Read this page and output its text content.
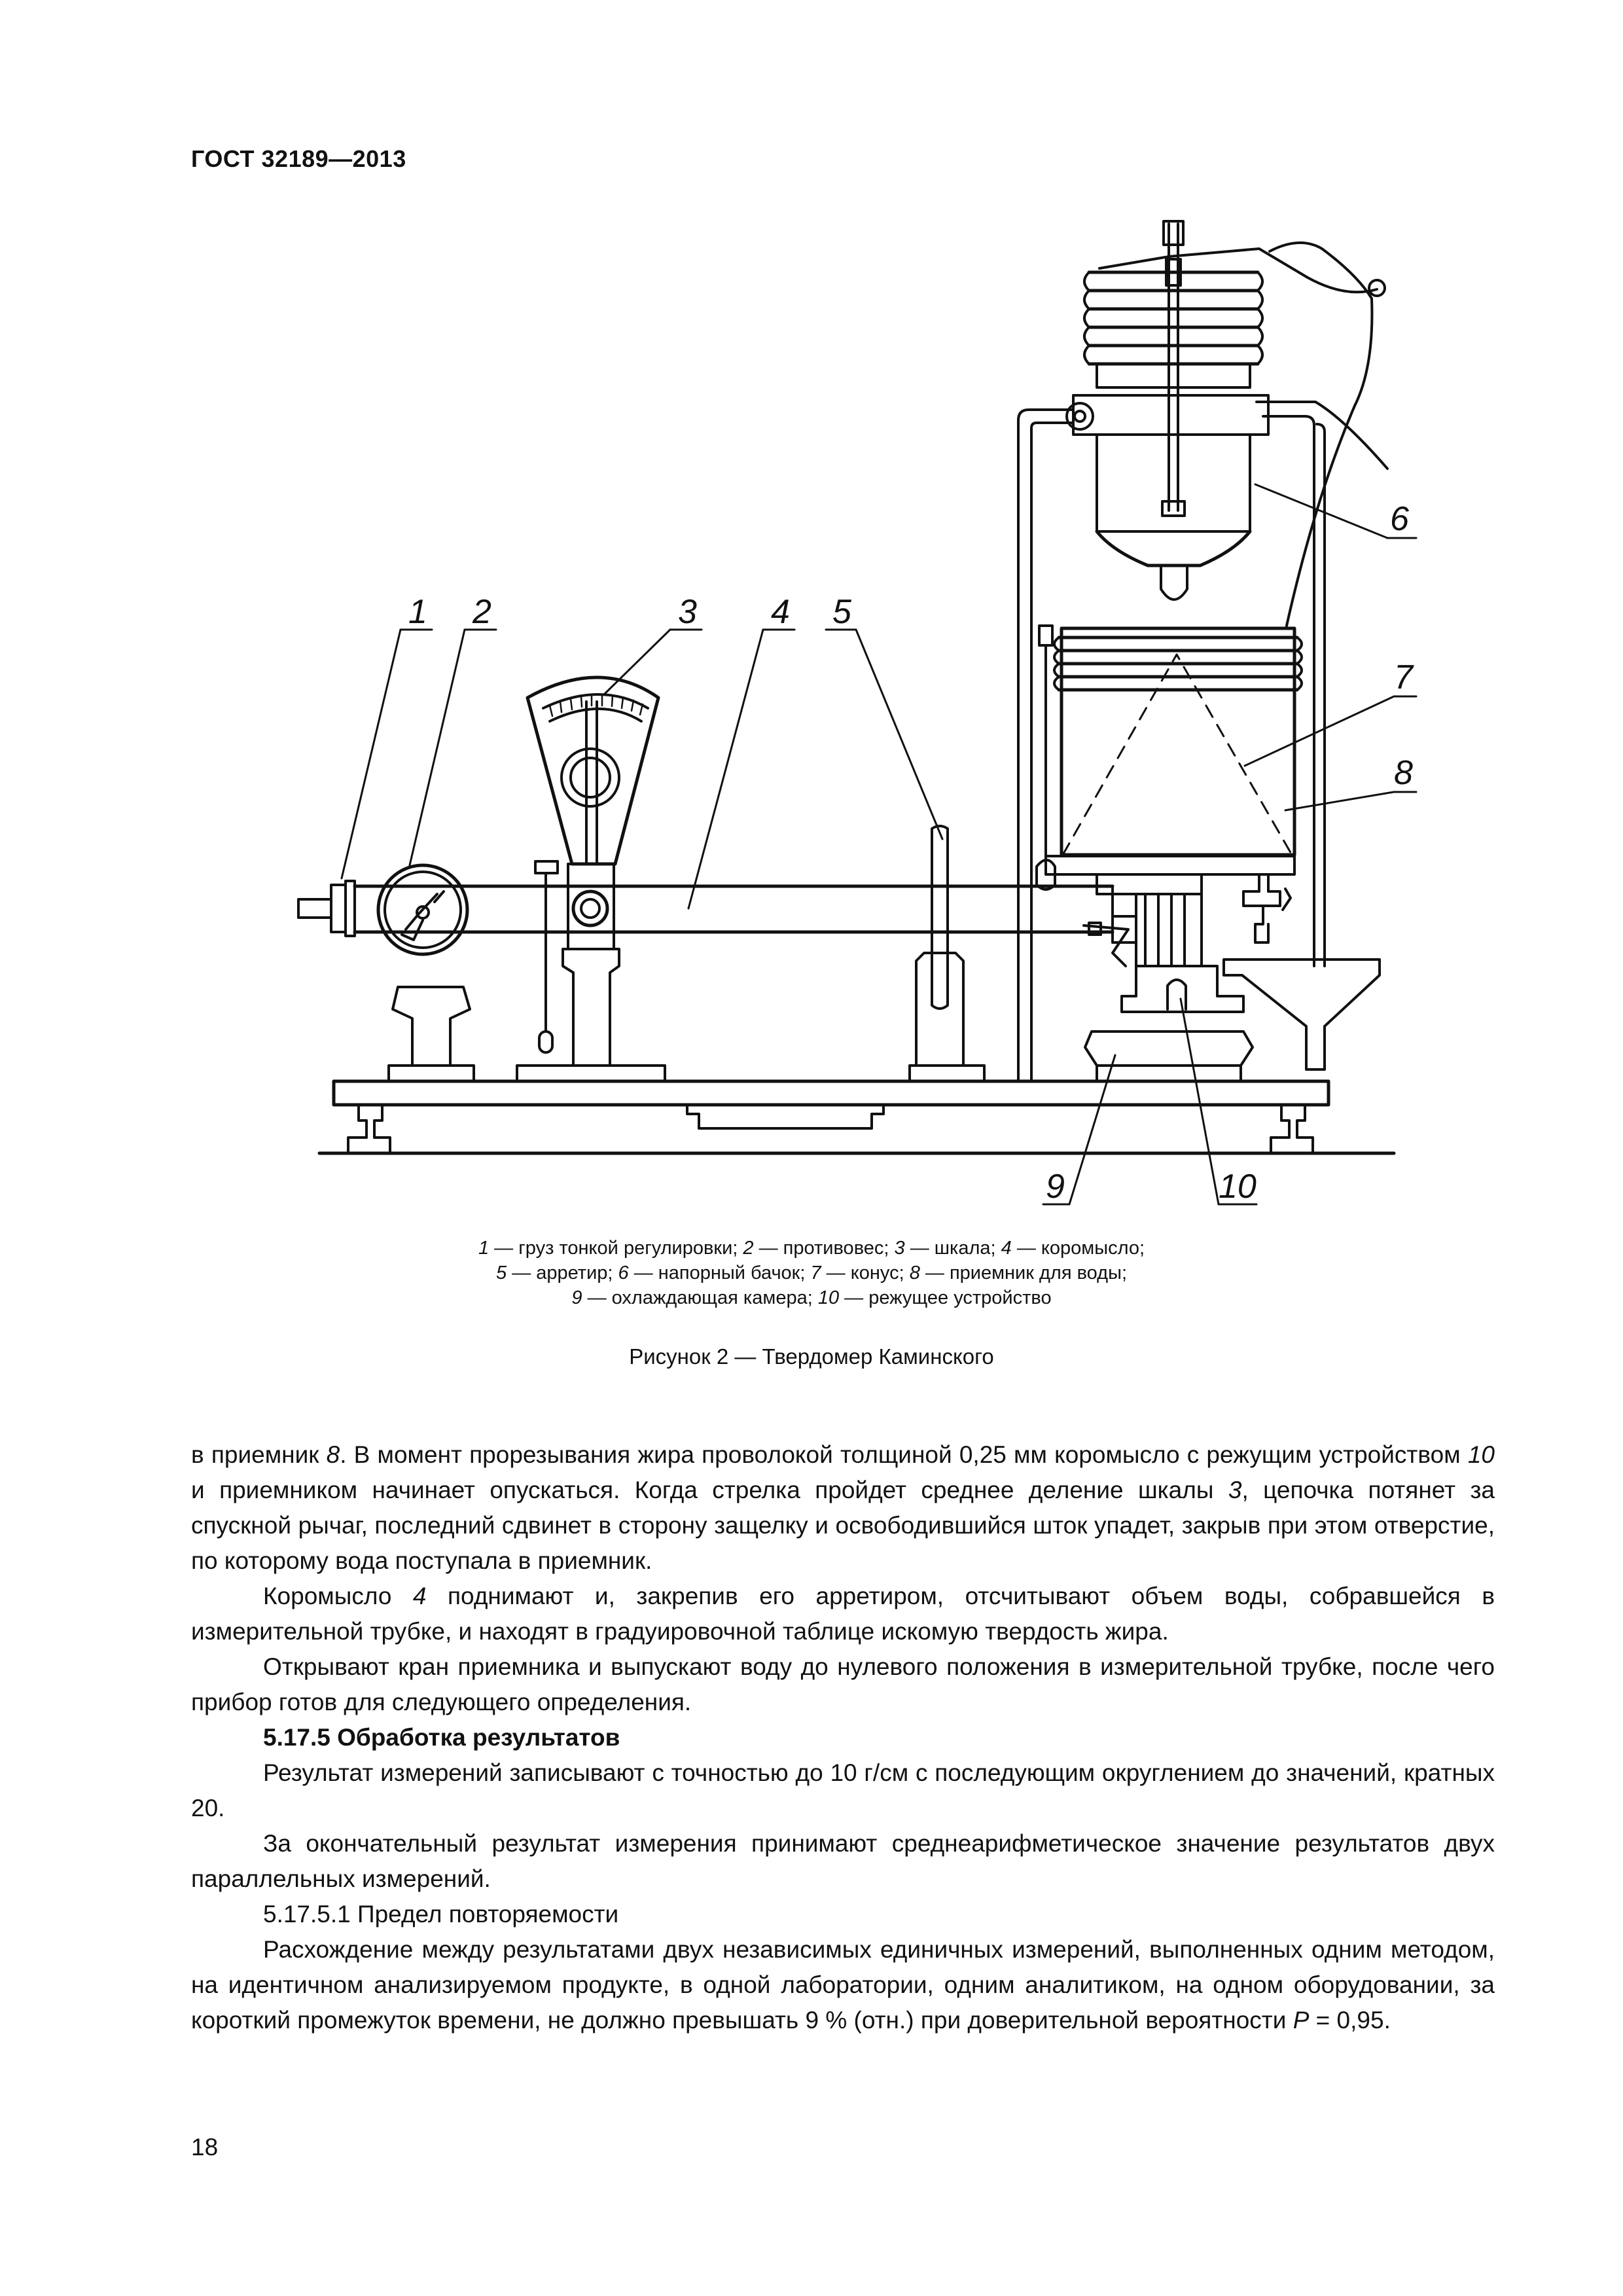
ГОСТ 32189—2013
1 2	3 4 5
6
7
8
9	10

1 — груз тонкой регулировки; 2 — противовес; 3 — шкала; 4 — коромысло;

5 — арретир; 6 — напорный бачок; 7 — конус; 8 — приемник для воды;

9 — охлаждающая камера; 10 — режущее устройство

Рисунок 2 — Твердомер Каминского

в приемник 8. В момент прорезывания жира проволокой толщиной 0,25 мм коромысло с режущим устройством 10 и приемником начинает опускаться. Когда стрелка пройдет среднее деление шкалы 3, цепочка потянет за спускной рычаг, последний сдвинет в сторону защелку и освободившийся шток упадет, закрыв при этом отверстие, по которому вода поступала в приемник.

Коромысло 4 поднимают и, закрепив его арретиром, отсчитывают объем воды, собравшейся в измерительной трубке, и находят в градуировочной таблице искомую твердость жира.

Открывают кран приемника и выпускают воду до нулевого положения в измерительной трубке, после чего прибор готов для следующего определения.

5.17.5 Обработка результатов

Результат измерений записывают с точностью до 10 г/см с последующим округлением до значений, кратных 20.

За окончательный результат измерения принимают среднеарифметическое значение результатов двух параллельных измерений.

5.17.5.1 Предел повторяемости

Расхождение между результатами двух независимых единичных измерений, выполненных одним методом, на идентичном анализируемом продукте, в одной лаборатории, одним аналитиком, на одном оборудовании, за короткий промежуток времени, не должно превышать 9 % (отн.) при доверительной вероятности P = 0,95.

18
